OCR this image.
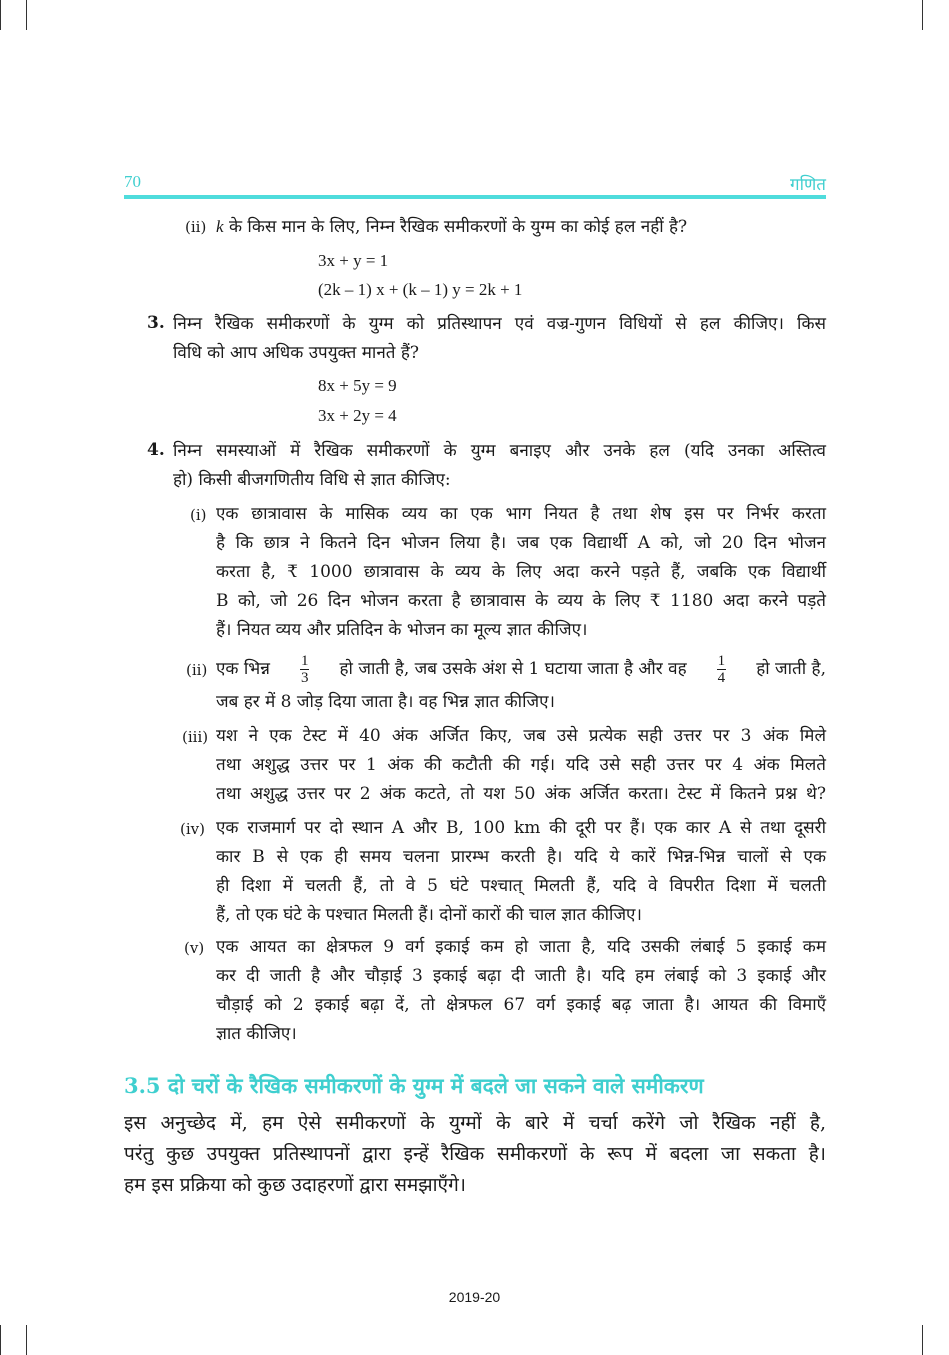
70	गणित
(ii) k के किस मान के लिए, निम्न रैखिक समीकरणों के युग्म का कोई हल नहीं है?
3x + y = 1
(2k – 1) x + (k – 1) y = 2k + 1
3. निम्न रैखिक समीकरणों के युग्म को प्रतिस्थापन एवं वज्र-गुणन विधियों से हल कीजिए। किस
विधि को आप अधिक उपयुक्त मानते हैं?
8x + 5y = 9
3x + 2y = 4
4. निम्न समस्याओं में रैखिक समीकरणों के युग्म बनाइए और उनके हल (यदि उनका अस्तित्व
हो) किसी बीजगणितीय विधि से ज्ञात कीजिए:
(i) एक छात्रावास के मासिक व्यय का एक भाग नियत है तथा शेष इस पर निर्भर करता
है कि छात्र ने कितने दिन भोजन लिया है। जब एक विद्यार्थी A को, जो 20 दिन भोजन
करता है, ₹ 1000 छात्रावास के व्यय के लिए अदा करने पड़ते हैं, जबकि एक विद्यार्थी
B को, जो 26 दिन भोजन करता है छात्रावास के व्यय के लिए ₹ 1180 अदा करने पड़ते
हैं। नियत व्यय और प्रतिदिन के भोजन का मूल्य ज्ञात कीजिए।
(ii) एक भिन्न $\frac{1}{3}$ हो जाती है, जब उसके अंश से 1 घटाया जाता है और वह $\frac{1}{4}$ हो जाती है,
जब हर में 8 जोड़ दिया जाता है। वह भिन्न ज्ञात कीजिए।
(iii) यश ने एक टेस्ट में 40 अंक अर्जित किए, जब उसे प्रत्येक सही उत्तर पर 3 अंक मिले
तथा अशुद्ध उत्तर पर 1 अंक की कटौती की गई। यदि उसे सही उत्तर पर 4 अंक मिलते
तथा अशुद्ध उत्तर पर 2 अंक कटते, तो यश 50 अंक अर्जित करता। टेस्ट में कितने प्रश्न थे?
(iv) एक राजमार्ग पर दो स्थान A और B, 100 km की दूरी पर हैं। एक कार A से तथा दूसरी
कार B से एक ही समय चलना प्रारम्भ करती है। यदि ये कारें भिन्न-भिन्न चालों से एक
ही दिशा में चलती हैं, तो वे 5 घंटे पश्चात् मिलती हैं, यदि वे विपरीत दिशा में चलती
हैं, तो एक घंटे के पश्चात मिलती हैं। दोनों कारों की चाल ज्ञात कीजिए।
(v) एक आयत का क्षेत्रफल 9 वर्ग इकाई कम हो जाता है, यदि उसकी लंबाई 5 इकाई कम
कर दी जाती है और चौड़ाई 3 इकाई बढ़ा दी जाती है। यदि हम लंबाई को 3 इकाई और
चौड़ाई को 2 इकाई बढ़ा दें, तो क्षेत्रफल 67 वर्ग इकाई बढ़ जाता है। आयत की विमाएँ
ज्ञात कीजिए।
3.5 दो चरों के रैखिक समीकरणों के युग्म में बदले जा सकने वाले समीकरण
इस अनुच्छेद में, हम ऐसे समीकरणों के युग्मों के बारे में चर्चा करेंगे जो रैखिक नहीं है,
परंतु कुछ उपयुक्त प्रतिस्थापनों द्वारा इन्हें रैखिक समीकरणों के रूप में बदला जा सकता है।
हम इस प्रक्रिया को कुछ उदाहरणों द्वारा समझाएँगे।
2019-20
